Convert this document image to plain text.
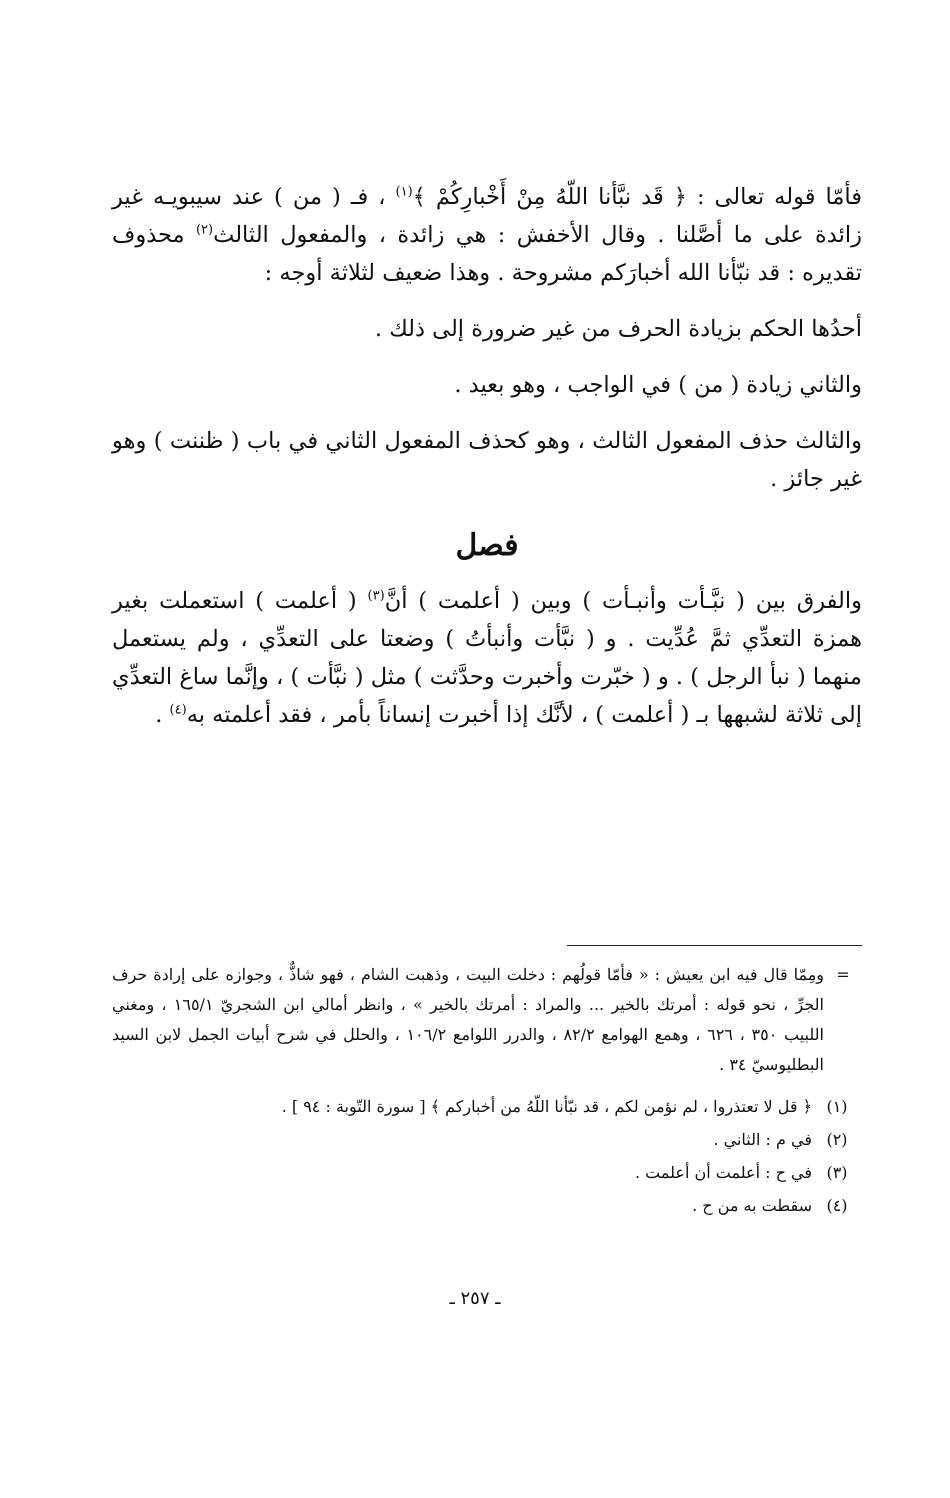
فأمّا قوله تعالى : ﴿ قَد نبَّأنا اللّهُ مِنْ أَخْبارِكُمْ ﴾$^{(١)}$ ، فـ ( من ) عند سيبويـه غير زائدة على ما أصَّلنا . وقال الأخفش : هي زائدة ، والمفعول الثالث$^{(٢)}$ محذوف تقديره : قد نبّأنا الله أخبارَكم مشروحة . وهذا ضعيف لثلاثة أوجه :

أحدُها الحكم بزيادة الحرف من غير ضرورة إلى ذلك .

والثاني زيادة ( من ) في الواجب ، وهو بعيد .

والثالث حذف المفعول الثالث ، وهو كحذف المفعول الثاني في باب ( ظننت ) وهو غير جائز .

فصل

والفرق بين ( نبَّـأت وأنبـأت ) وبين ( أعلمت ) أنَّ$^{(٣)}$ ( أعلمت ) استعملت بغير همزة التعدِّي ثمَّ عُدِّيت . و ( نبَّأت وأنبأتُ ) وضعتا على التعدِّي ، ولم يستعمل منهما ( نبأ الرجل ) . و ( خبّرت وأخبرت وحدَّثت ) مثل ( نبَّأت ) ، وإنَّما ساغ التعدِّي إلى ثلاثة لشبهها بـ ( أعلمت ) ، لأنَّك إذا أخبرت إنساناً بأمر ، فقد أعلمته به$^{(٤)}$ .

=
ومِمّا قال فيه ابن يعيش : « فأمّا قولُهم : دخلت البيت ، وذهبت الشام ، فهو شاذٌّ ، وجوازه على إرادة حرف الجرِّ ، نحو قوله : أمرتك بالخير ... والمراد : أمرتك بالخير » ، وانظر أمالي ابن الشجريّ ١٦٥/١ ، ومغني اللبيب ٣٥٠ ، ٦٢٦ ، وهمع الهوامع ٨٢/٢ ، والدرر اللوامع ١٠٦/٢ ، والحلل في شرح أبيات الجمل لابن السيد البطليوسيّ ٣٤ .
(١)
﴿ قل لا تعتذروا ، لم نؤمن لكم ، قد نبّأنا اللّهُ من أخباركم ﴾ [ سورة التّوبة : ٩٤ ] .
(٢)
في م : الثاني .
(٣)
في ح : أعلمت أن أعلمت .
(٤)
سقطت به من ح .
ـ ٢٥٧ ـ
